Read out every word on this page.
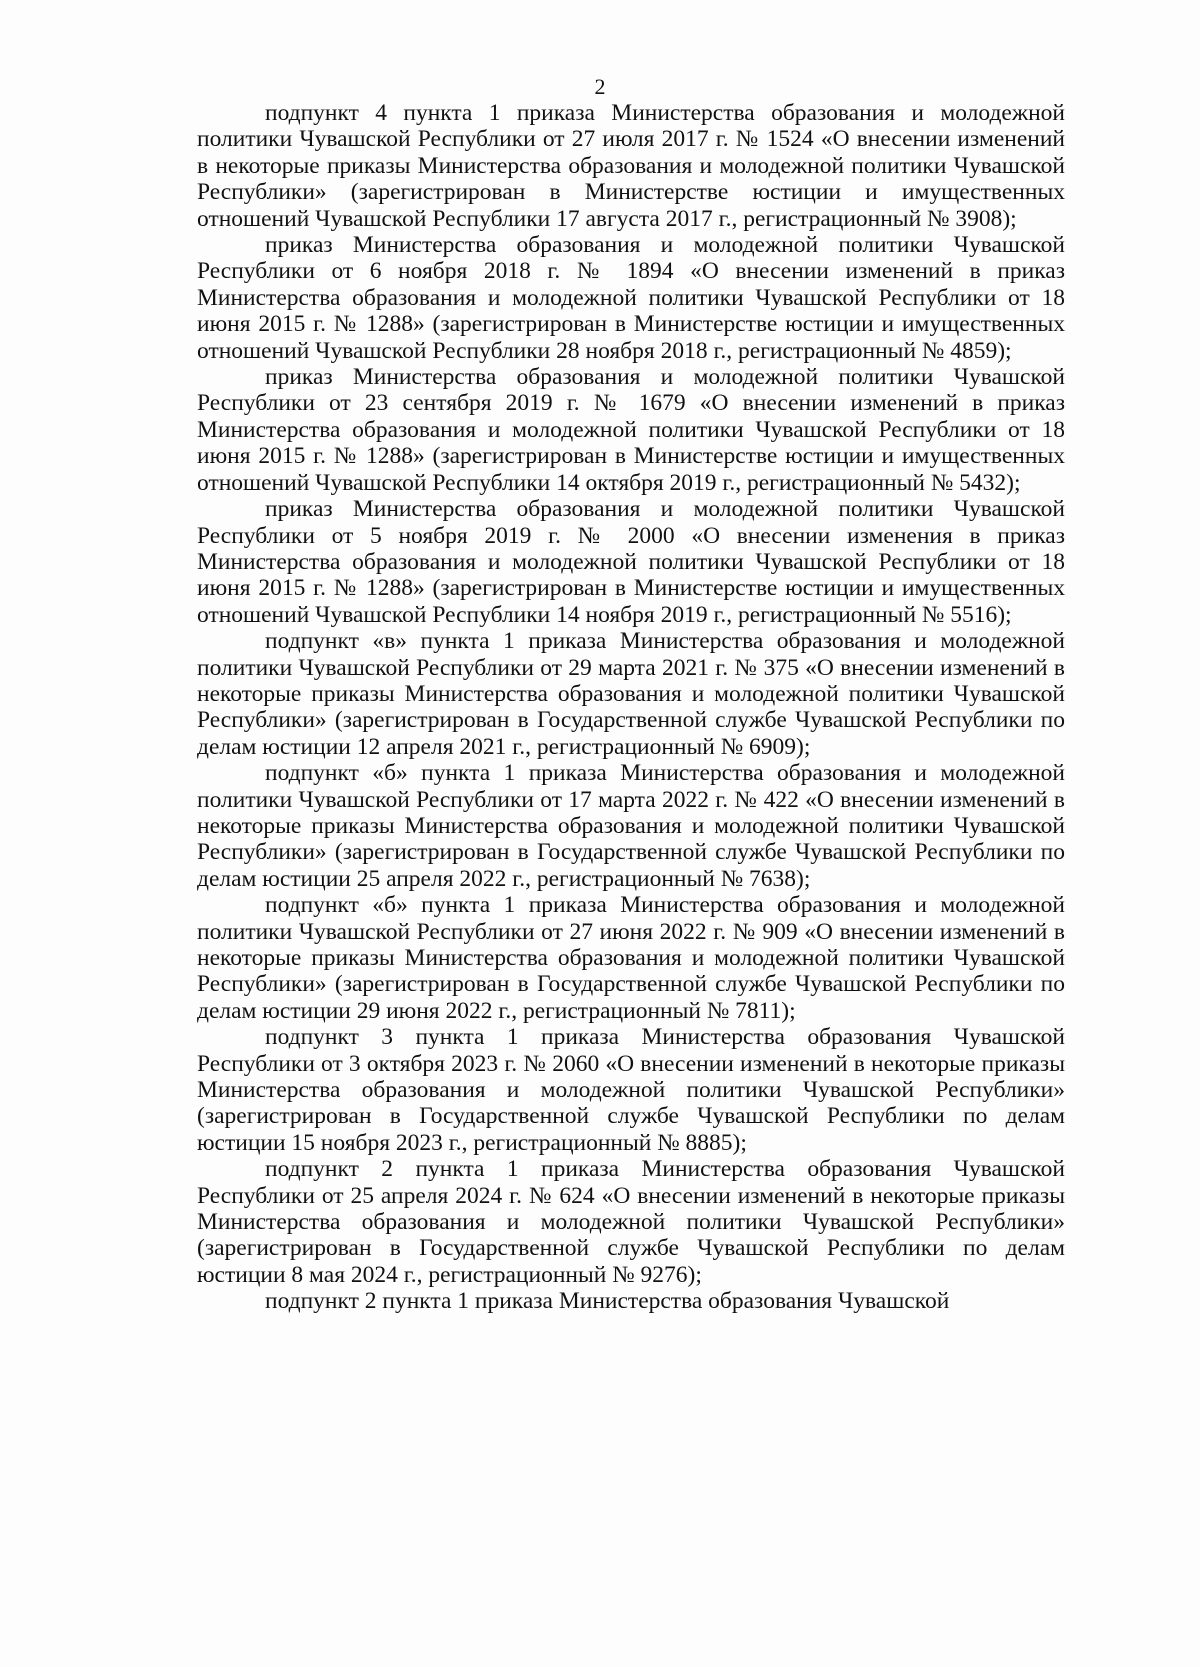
2

подпункт 4 пункта 1 приказа Министерства образования и молодежной политики Чувашской Республики от 27 июля 2017 г. № 1524 «О внесении изменений в некоторые приказы Министерства образования и молодежной политики Чувашской Республики» (зарегистрирован в Министерстве юстиции и имущественных отношений Чувашской Республики 17 августа 2017 г., регистрационный № 3908);

приказ Министерства образования и молодежной политики Чувашской Республики от 6 ноября 2018 г. № 1894 «О внесении изменений в приказ Министерства образования и молодежной политики Чувашской Республики от 18 июня 2015 г. № 1288» (зарегистрирован в Министерстве юстиции и имущественных отношений Чувашской Республики 28 ноября 2018 г., регистрационный № 4859);

приказ Министерства образования и молодежной политики Чувашской Республики от 23 сентября 2019 г. № 1679 «О внесении изменений в приказ Министерства образования и молодежной политики Чувашской Республики от 18 июня 2015 г. № 1288» (зарегистрирован в Министерстве юстиции и имущественных отношений Чувашской Республики 14 октября 2019 г., регистрационный № 5432);

приказ Министерства образования и молодежной политики Чувашской Республики от 5 ноября 2019 г. № 2000 «О внесении изменения в приказ Министерства образования и молодежной политики Чувашской Республики от 18 июня 2015 г. № 1288» (зарегистрирован в Министерстве юстиции и имущественных отношений Чувашской Республики 14 ноября 2019 г., регистрационный № 5516);

подпункт «в» пункта 1 приказа Министерства образования и молодежной политики Чувашской Республики от 29 марта 2021 г. № 375 «О внесении изменений в некоторые приказы Министерства образования и молодежной политики Чувашской Республики» (зарегистрирован в Государственной службе Чувашской Республики по делам юстиции 12 апреля 2021 г., регистрационный № 6909);

подпункт «б» пункта 1 приказа Министерства образования и молодежной политики Чувашской Республики от 17 марта 2022 г. № 422 «О внесении изменений в некоторые приказы Министерства образования и молодежной политики Чувашской Республики» (зарегистрирован в Государственной службе Чувашской Республики по делам юстиции 25 апреля 2022 г., регистрационный № 7638);

подпункт «б» пункта 1 приказа Министерства образования и молодежной политики Чувашской Республики от 27 июня 2022 г. № 909 «О внесении изменений в некоторые приказы Министерства образования и молодежной политики Чувашской Республики» (зарегистрирован в Государственной службе Чувашской Республики по делам юстиции 29 июня 2022 г., регистрационный № 7811);

подпункт 3 пункта 1 приказа Министерства образования Чувашской Республики от 3 октября 2023 г. № 2060 «О внесении изменений в некоторые приказы Министерства образования и молодежной политики Чувашской Республики» (зарегистрирован в Государственной службе Чувашской Республики по делам юстиции 15 ноября 2023 г., регистрационный № 8885);

подпункт 2 пункта 1 приказа Министерства образования Чувашской Республики от 25 апреля 2024 г. № 624 «О внесении изменений в некоторые приказы Министерства образования и молодежной политики Чувашской Республики» (зарегистрирован в Государственной службе Чувашской Республики по делам юстиции 8 мая 2024 г., регистрационный № 9276);

подпункт 2 пункта 1 приказа Министерства образования Чувашской
